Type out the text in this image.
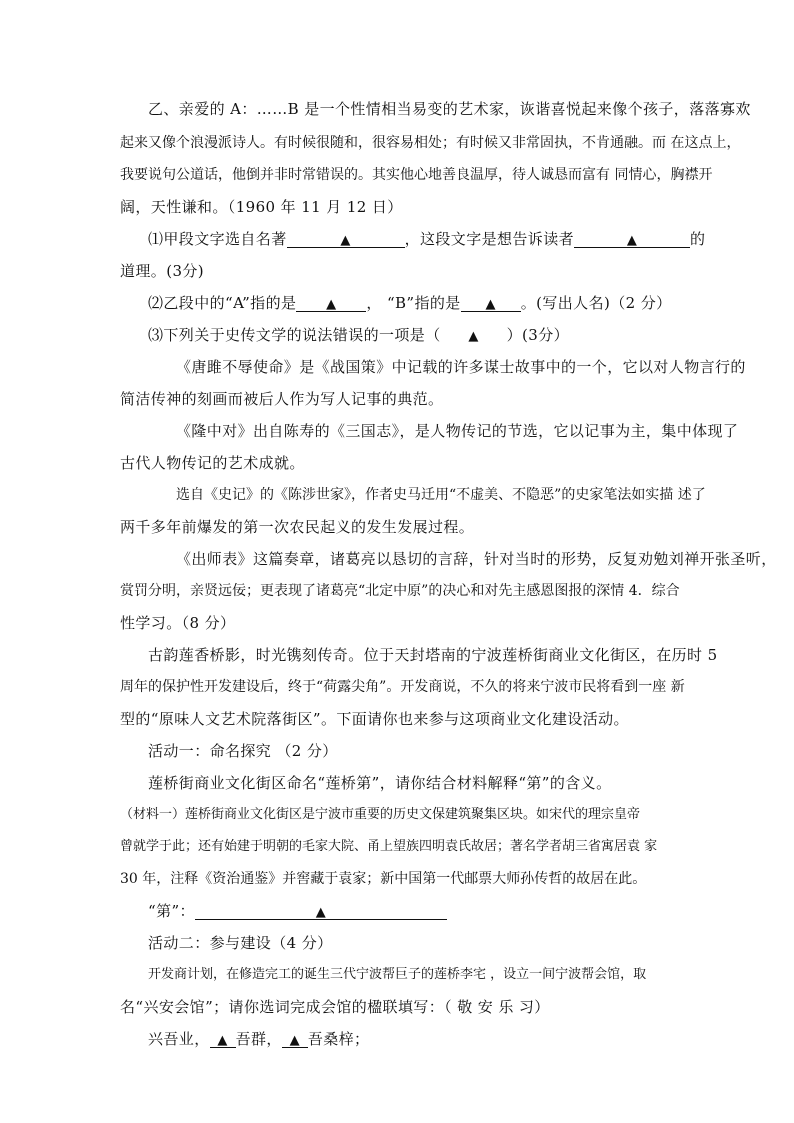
乙、亲爱的 A：……B 是一个性情相当易变的艺术家，诙谐喜悦起来像个孩子，落落寡欢
起来又像个浪漫派诗人。有时候很随和，很容易相处；有时候又非常固执，不肯通融。而 在这点上，
我要说句公道话，他倒并非时常错误的。其实他心地善良温厚，待人诚恳而富有 同情心，胸襟开
阔，天性谦和。（1960 年 11 月 12 日）
⑴甲段文字选自名著	▲	，这段文字是想告诉读者	▲	的
道理。(3分)
⑵乙段中的“A”指的是 ▲ ， “B”指的是 ▲ 。(写出人名)（2 分）
⑶下列关于史传文学的说法错误的一项是（ ▲ ）(3分）
《唐雎不辱使命》是《战国策》中记载的许多谋士故事中的一个，它以对人物言行的
简洁传神的刻画而被后人作为写人记事的典范。
《隆中对》出自陈寿的《三国志》，是人物传记的节选，它以记事为主，集中体现了
古代人物传记的艺术成就。
选自《史记》的《陈涉世家》，作者史马迁用“不虚美、不隐恶”的史家笔法如实描 述了
两千多年前爆发的第一次农民起义的发生发展过程。
《出师表》这篇奏章，诸葛亮以恳切的言辞，针对当时的形势，反复劝勉刘禅开张圣听，
赏罚分明，亲贤远佞；更表现了诸葛亮“北定中原”的决心和对先主感恩图报的深情 4．综合
性学习。（8 分）
古韵莲香桥影，时光镌刻传奇。位于天封塔南的宁波莲桥街商业文化街区，在历时 5
周年的保护性开发建设后，终于“荷露尖角”。开发商说，不久的将来宁波市民将看到一座 新
型的“原味人文艺术院落街区”。下面请你也来参与这项商业文化建设活动。
活动一：命名探究 （2 分）
莲桥街商业文化街区命名“莲桥第”，请你结合材料解释“第”的含义。
（材料一）莲桥街商业文化街区是宁波市重要的历史文保建筑聚集区块。如宋代的理宗皇帝
曾就学于此；还有始建于明朝的毛家大院、甬上望族四明袁氏故居；著名学者胡三省寓居袁 家
30 年，注释《资治通鉴》并窖藏于袁家；新中国第一代邮票大师孙传哲的故居在此。
“第”：	▲
活动二：参与建设（4 分）
开发商计划，在修造完工的诞生三代宁波帮巨子的莲桥李宅 ，设立一间宁波帮会馆，取
名“兴安会馆”；请你选词完成会馆的楹联填写：（ 敬 安 乐 习）
兴吾业， ▲ 吾群， ▲ 吾桑梓；
